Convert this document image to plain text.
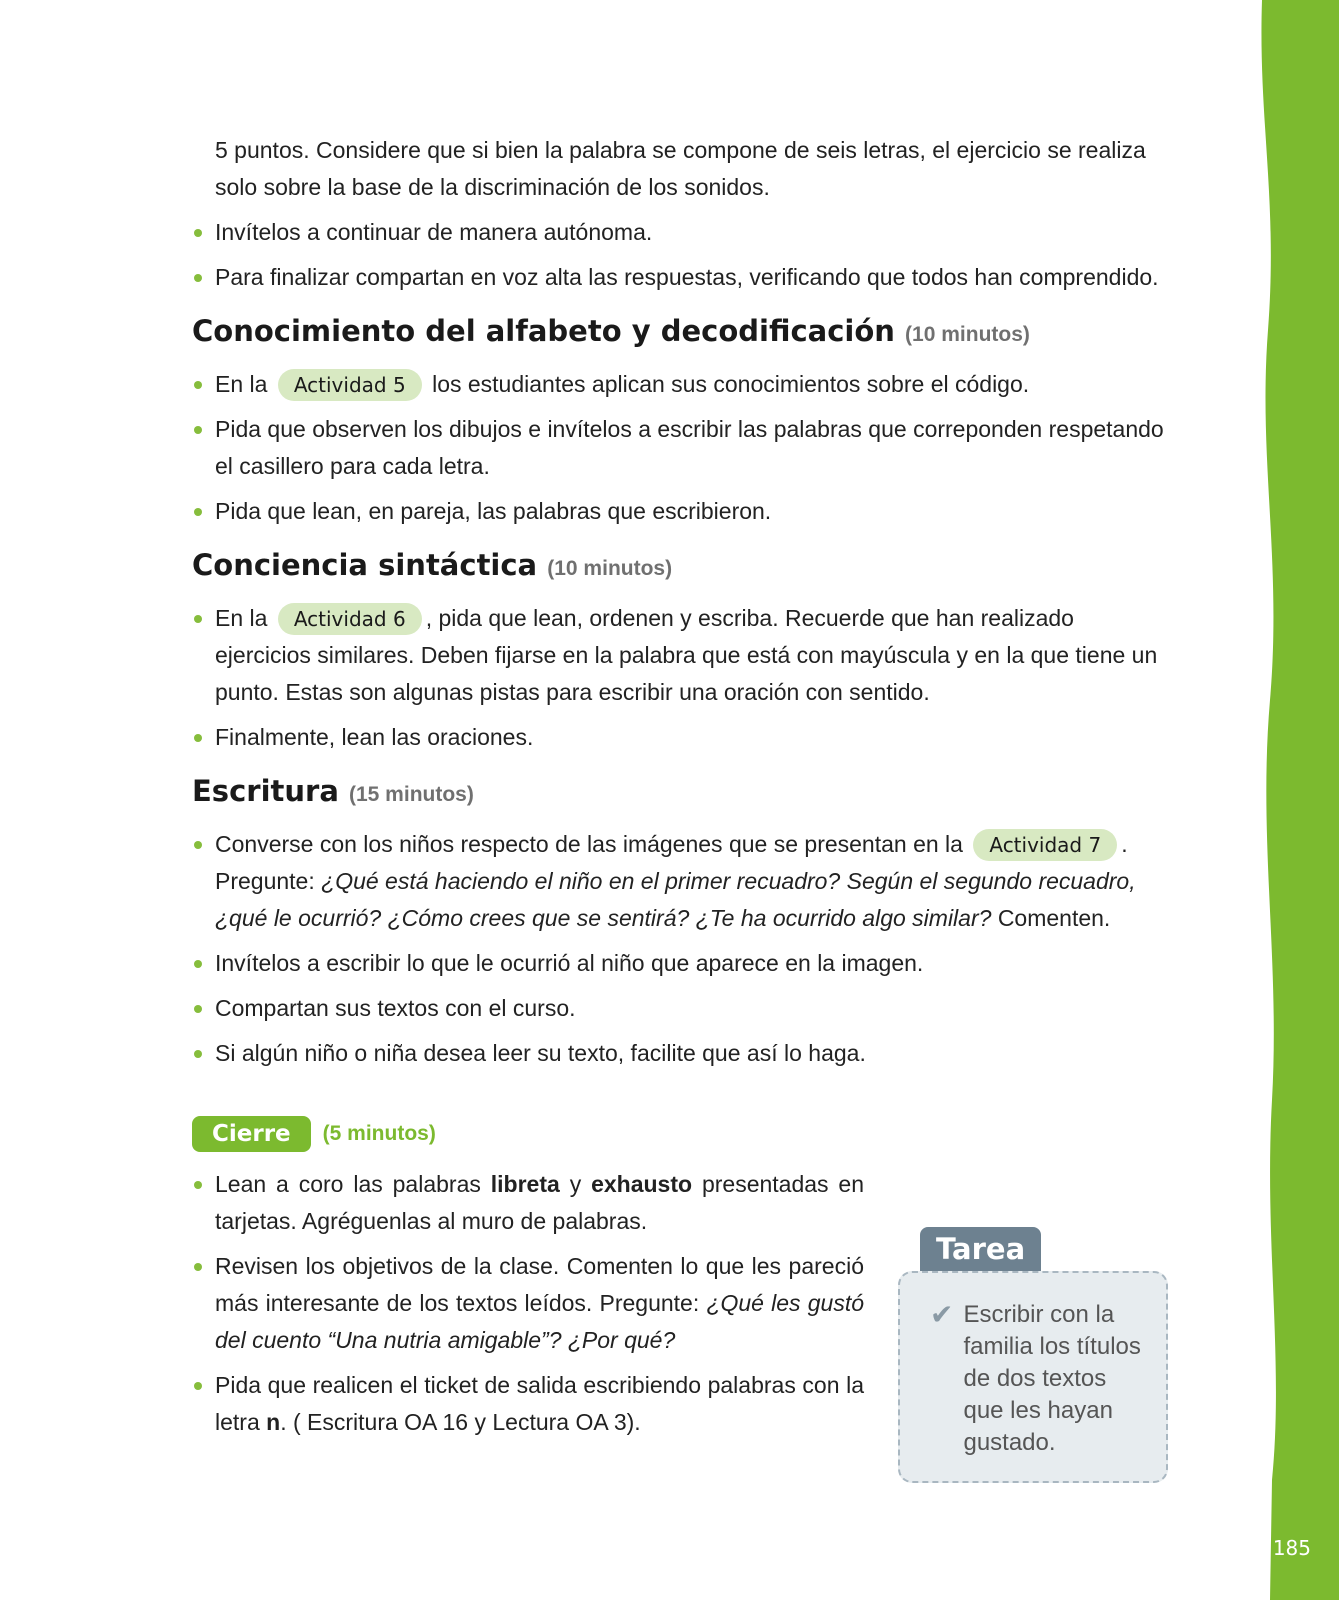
185

5 puntos. Considere que si bien la palabra se compone de seis letras, el ejercicio se realiza solo sobre la base de la discriminación de los sonidos.

Invítelos a continuar de manera autónoma.
Para finalizar compartan en voz alta las respuestas, verificando que todos han comprendido.
Conocimiento del alfabeto y decodificación (10 minutos)
En la Actividad 5 los estudiantes aplican sus conocimientos sobre el código.
Pida que observen los dibujos e invítelos a escribir las palabras que correponden respetando el casillero para cada letra.
Pida que lean, en pareja, las palabras que escribieron.
Conciencia sintáctica (10 minutos)
En la Actividad 6 , pida que lean, ordenen y escriba. Recuerde que han realizado ejercicios similares. Deben fijarse en la palabra que está con mayúscula y en la que tiene un punto. Estas son algunas pistas para escribir una oración con sentido.
Finalmente, lean las oraciones.
Escritura (15 minutos)
Converse con los niños respecto de las imágenes que se presentan en la Actividad 7 . Pregunte: ¿Qué está haciendo el niño en el primer recuadro? Según el segundo recuadro, ¿qué le ocurrió? ¿Cómo crees que se sentirá? ¿Te ha ocurrido algo similar? Comenten.
Invítelos a escribir lo que le ocurrió al niño que aparece en la imagen.
Compartan sus textos con el curso.
Si algún niño o niña desea leer su texto, facilite que así lo haga.
Cierre	(5 minutos)
Lean a coro las palabras libreta y exhausto presentadas en tarjetas. Agréguenlas al muro de palabras.
Revisen los objetivos de la clase. Comenten lo que les pareció más interesante de los textos leídos. Pregunte: ¿Qué les gustó del cuento “Una nutria amigable”? ¿Por qué?
Pida que realicen el ticket de salida escribiendo palabras con la letra n. ( Escritura OA 16 y Lectura OA 3).
Tarea
✔ Escribir con la familia los títulos de dos textos que les hayan gustado.
